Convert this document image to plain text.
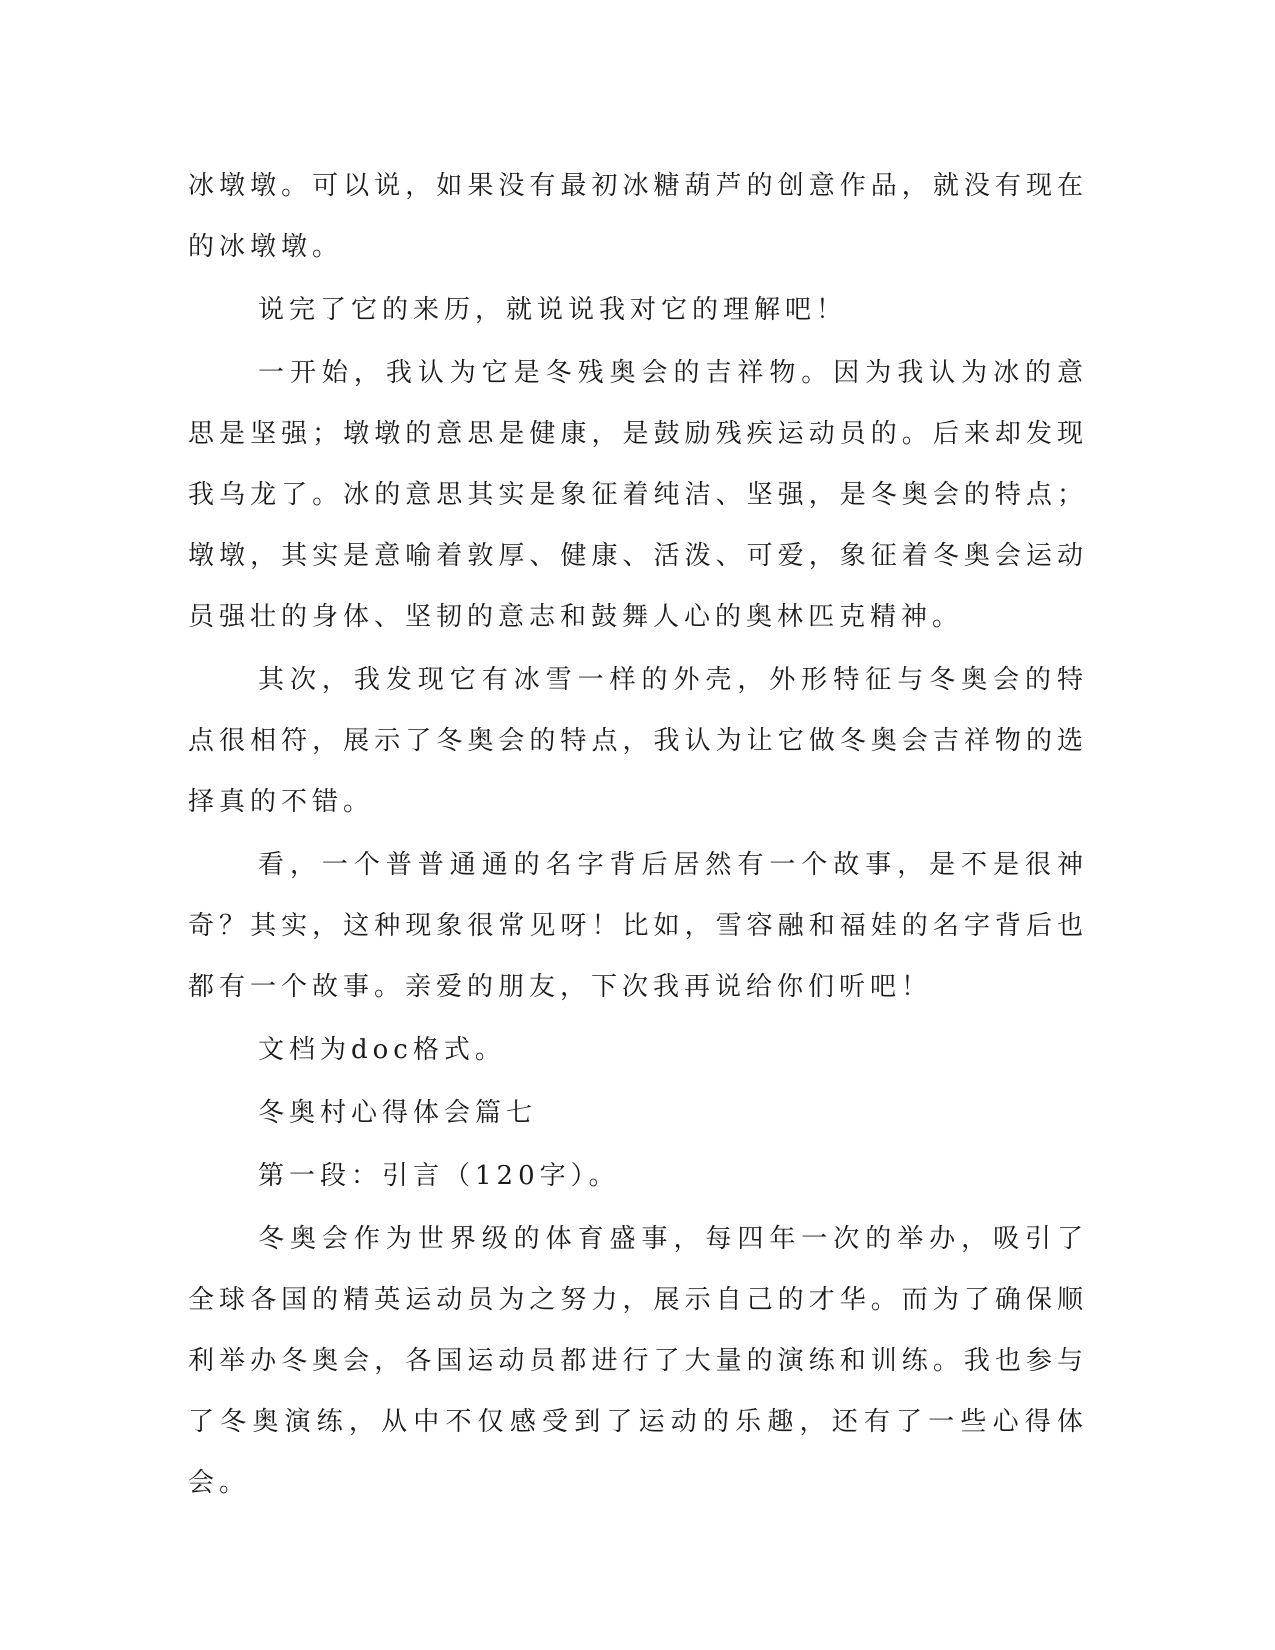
冰墩墩。可以说，如果没有最初冰糖葫芦的创意作品，就没有现在的冰墩墩。

说完了它的来历，就说说我对它的理解吧！

一开始，我认为它是冬残奥会的吉祥物。因为我认为冰的意思是坚强；墩墩的意思是健康，是鼓励残疾运动员的。后来却发现我乌龙了。冰的意思其实是象征着纯洁、坚强，是冬奥会的特点；墩墩，其实是意喻着敦厚、健康、活泼、可爱，象征着冬奥会运动员强壮的身体、坚韧的意志和鼓舞人心的奥林匹克精神。

其次，我发现它有冰雪一样的外壳，外形特征与冬奥会的特点很相符，展示了冬奥会的特点，我认为让它做冬奥会吉祥物的选择真的不错。

看，一个普普通通的名字背后居然有一个故事，是不是很神奇？其实，这种现象很常见呀！比如，雪容融和福娃的名字背后也都有一个故事。亲爱的朋友，下次我再说给你们听吧！

文档为doc格式。

冬奥村心得体会篇七

第一段：引言（120字）。

冬奥会作为世界级的体育盛事，每四年一次的举办，吸引了全球各国的精英运动员为之努力，展示自己的才华。而为了确保顺利举办冬奥会，各国运动员都进行了大量的演练和训练。我也参与了冬奥演练，从中不仅感受到了运动的乐趣，还有了一些心得体会。
